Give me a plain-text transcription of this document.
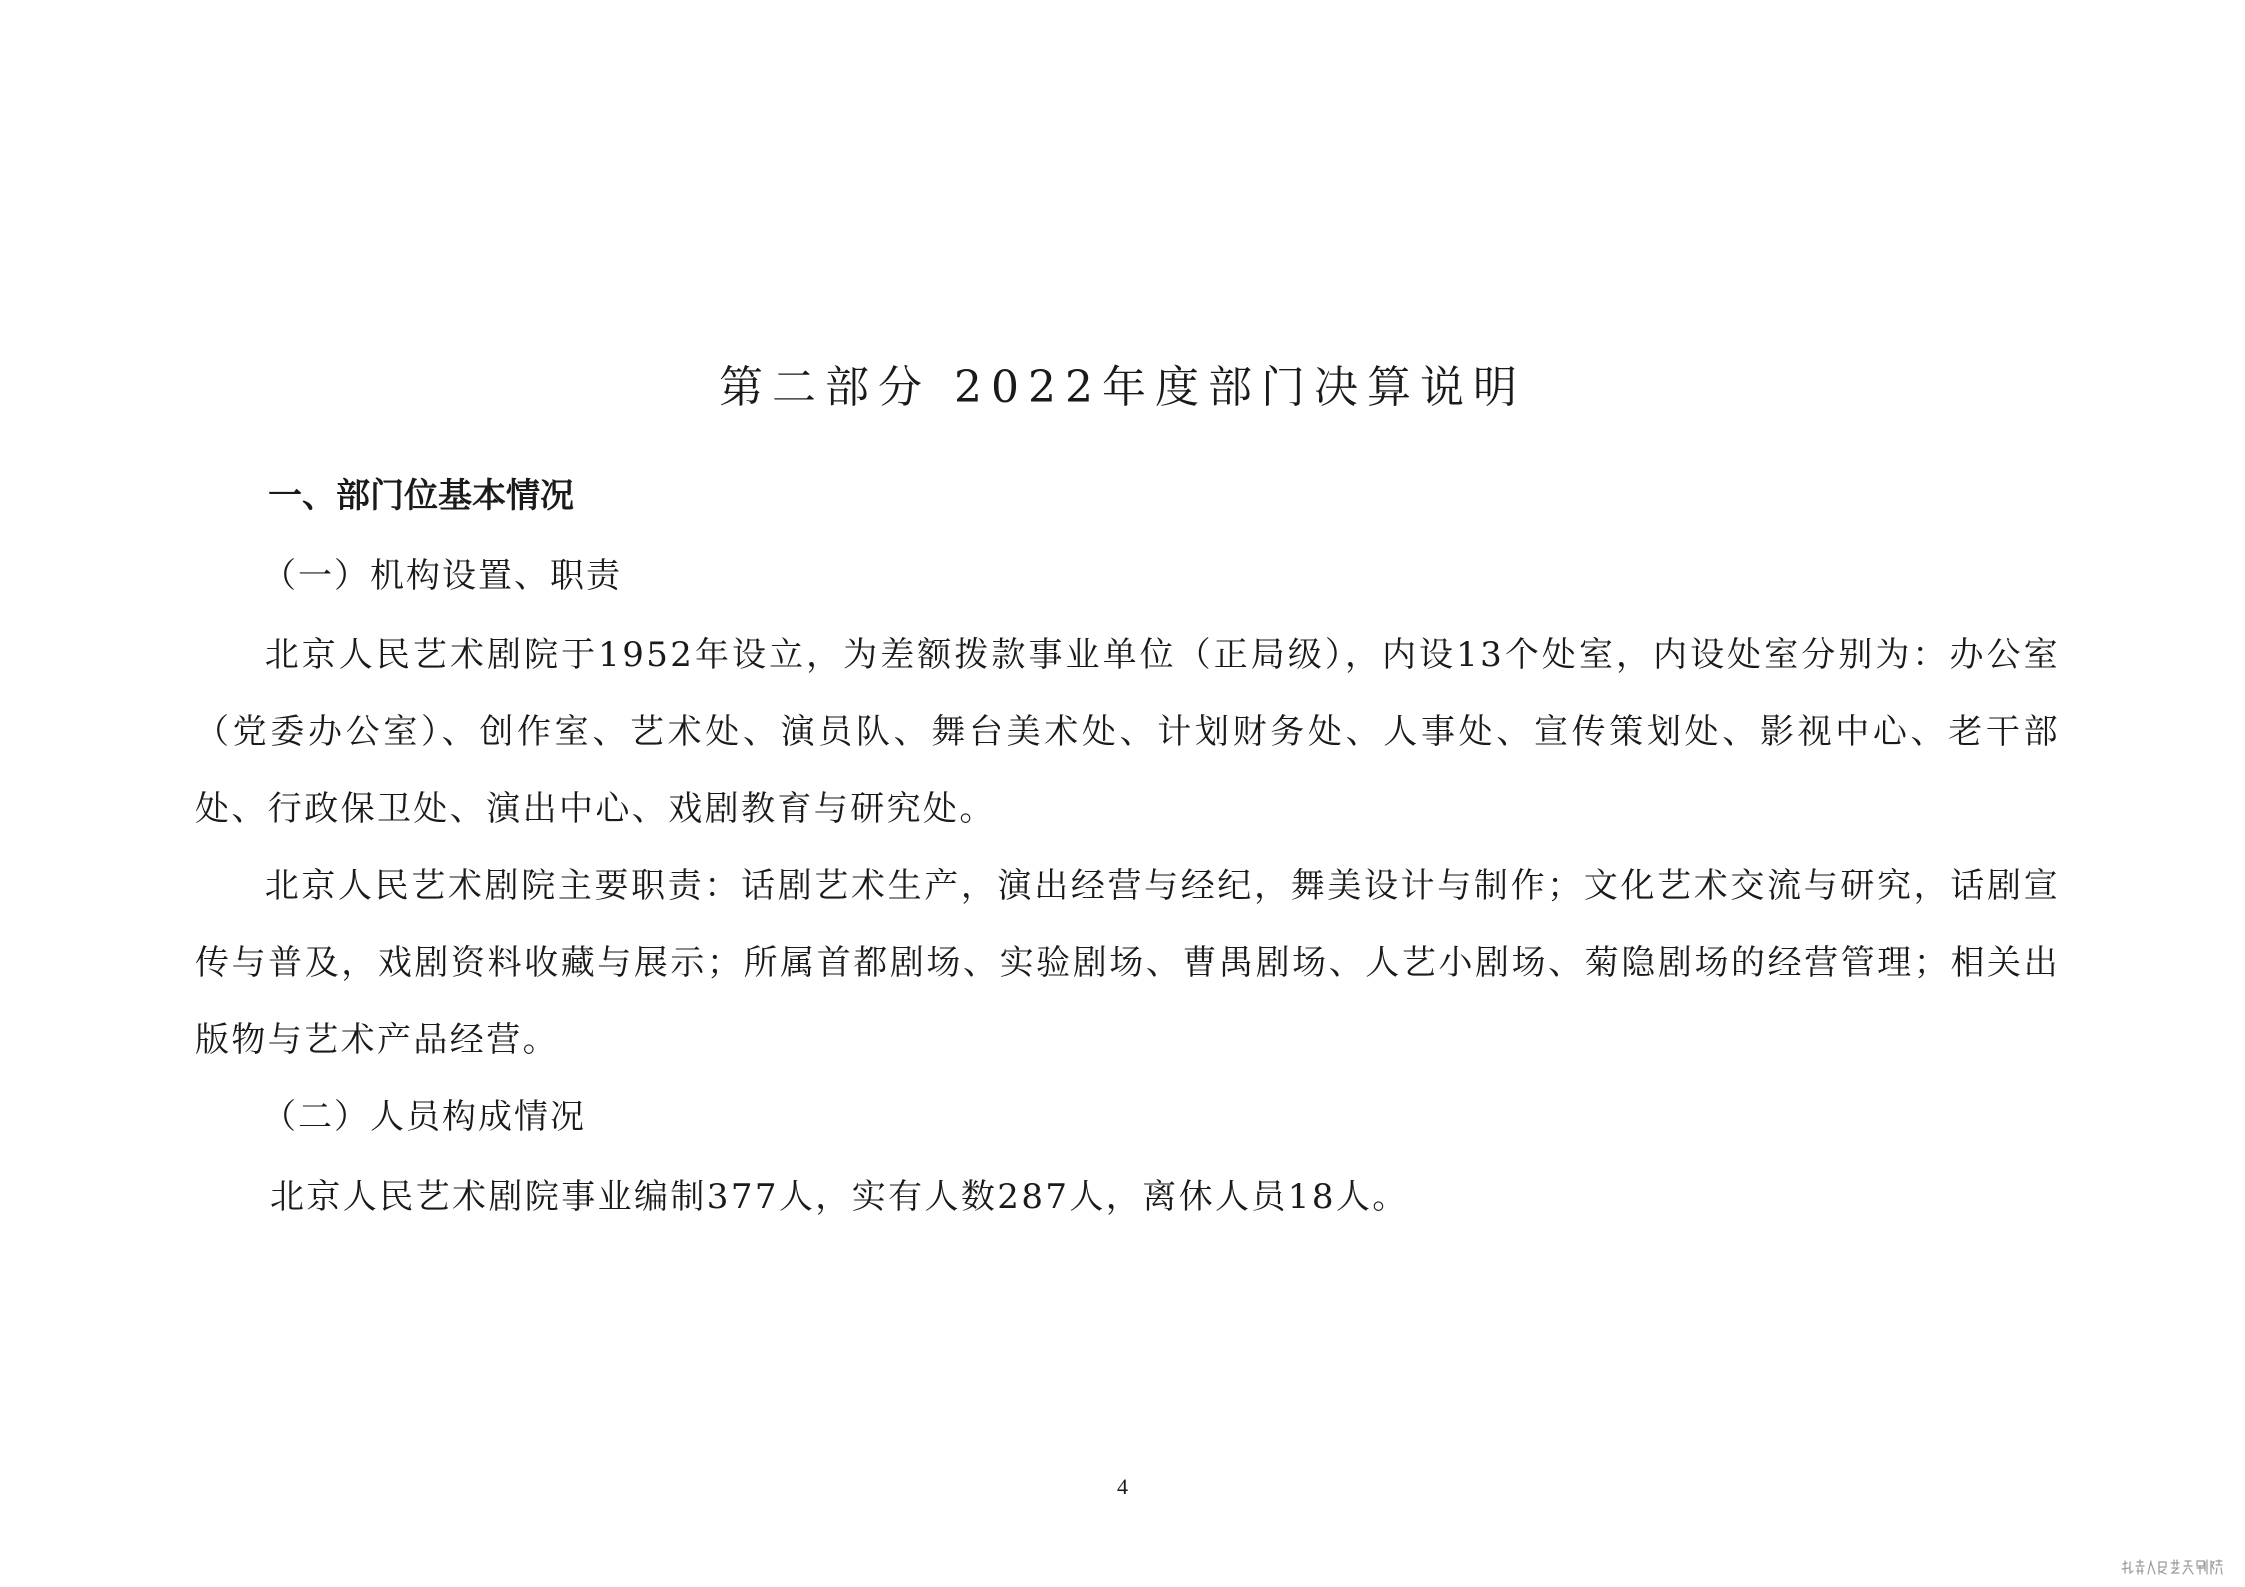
第二部分 2022年度部门决算说明
一、部门位基本情况

（一）机构设置、职责

北京人民艺术剧院于1952年设立，为差额拨款事业单位（正局级），内设13个处室，内设处室分别为：办公室（党委办公室）、创作室、艺术处、演员队、舞台美术处、计划财务处、人事处、宣传策划处、影视中心、老干部处、行政保卫处、演出中心、戏剧教育与研究处。

北京人民艺术剧院主要职责：话剧艺术生产，演出经营与经纪，舞美设计与制作；文化艺术交流与研究，话剧宣传与普及，戏剧资料收藏与展示；所属首都剧场、实验剧场、曹禺剧场、人艺小剧场、菊隐剧场的经营管理；相关出版物与艺术产品经营。

（二）人员构成情况

北京人民艺术剧院事业编制377人，实有人数287人，离休人员18人。

4
